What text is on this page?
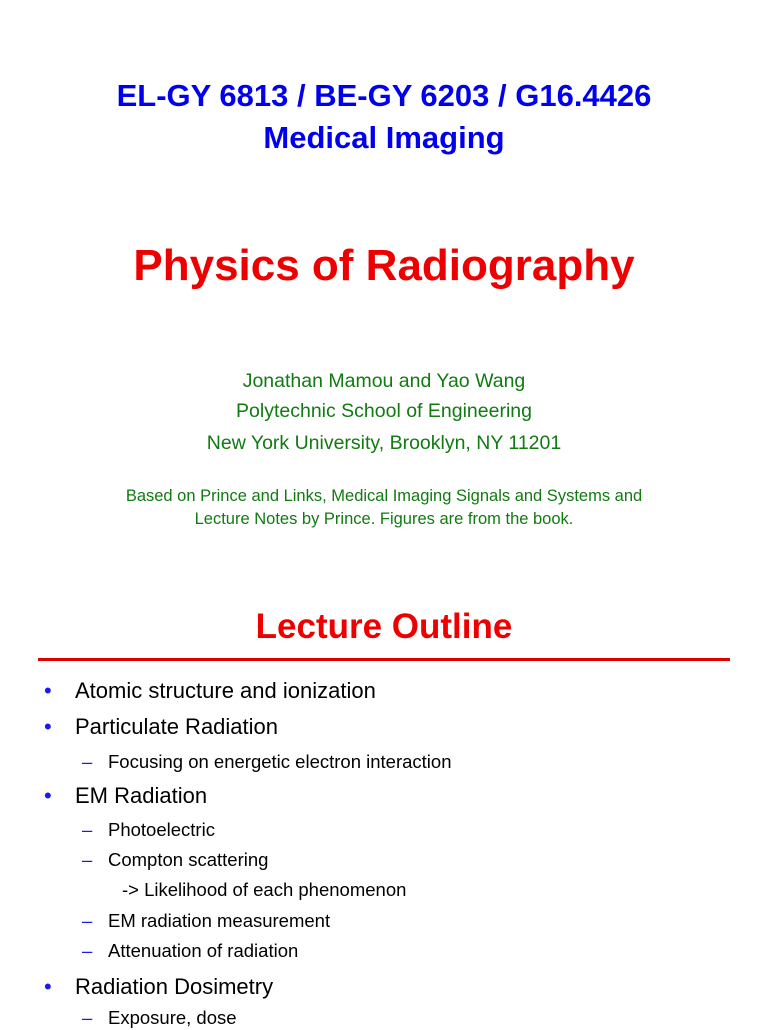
EL-GY 6813 / BE-GY 6203 / G16.4426
Medical Imaging
Physics of Radiography
Jonathan Mamou and Yao Wang
Polytechnic School of Engineering
New York University, Brooklyn, NY 11201
Based on Prince and Links, Medical Imaging Signals and Systems and
Lecture Notes by Prince. Figures are from the book.
Lecture Outline
• Atomic structure and ionization
• Particulate Radiation
– Focusing on energetic electron interaction
• EM Radiation
– Photoelectric
– Compton scattering
-> Likelihood of each phenomenon
– EM radiation measurement
– Attenuation of radiation
• Radiation Dosimetry
– Exposure, dose
